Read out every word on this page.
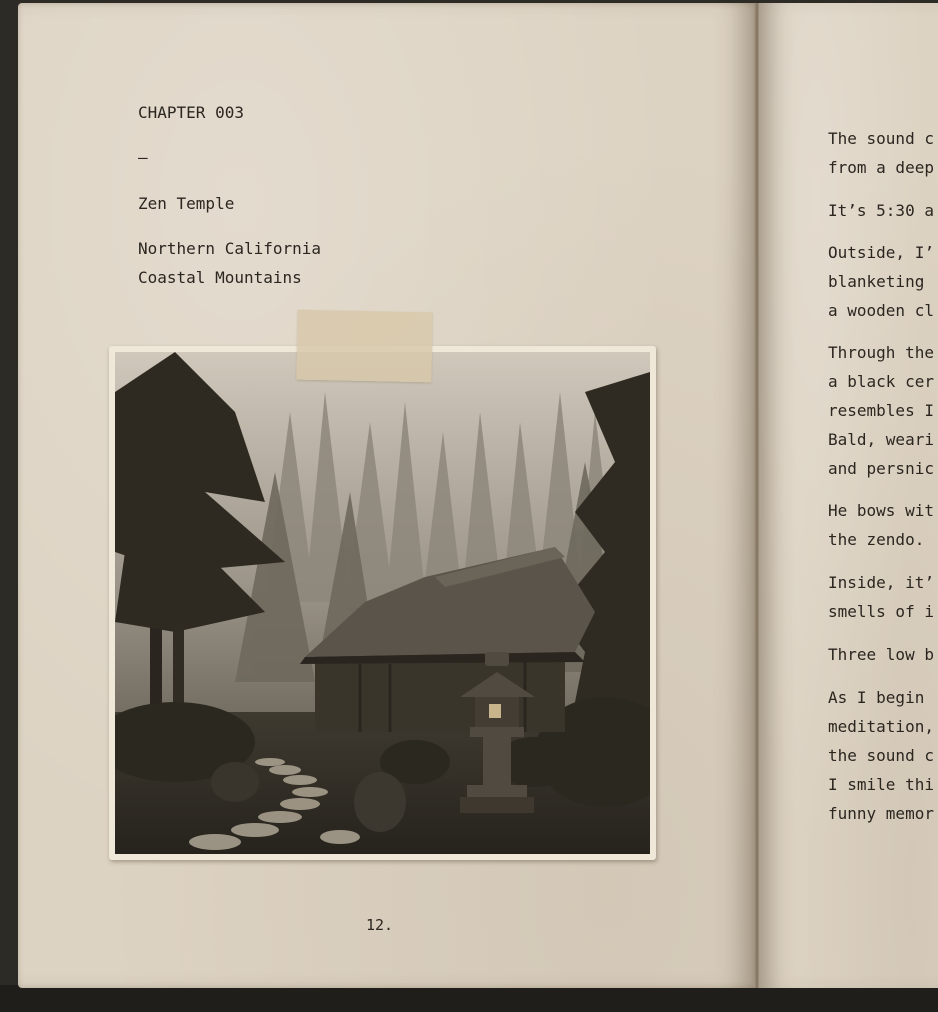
CHAPTER 003
–
Zen Temple
Northern California
Coastal Mountains
12.
The sound c
from a deep
It’s 5:30 a
Outside, I’
blanketing
a wooden cl
Through the
a black cer
resembles I
Bald, weari
and persnic
He bows wit
the zendo.
Inside, it’
smells of i
Three low b
As I begin
meditation,
the sound c
I smile thi
funny memor
